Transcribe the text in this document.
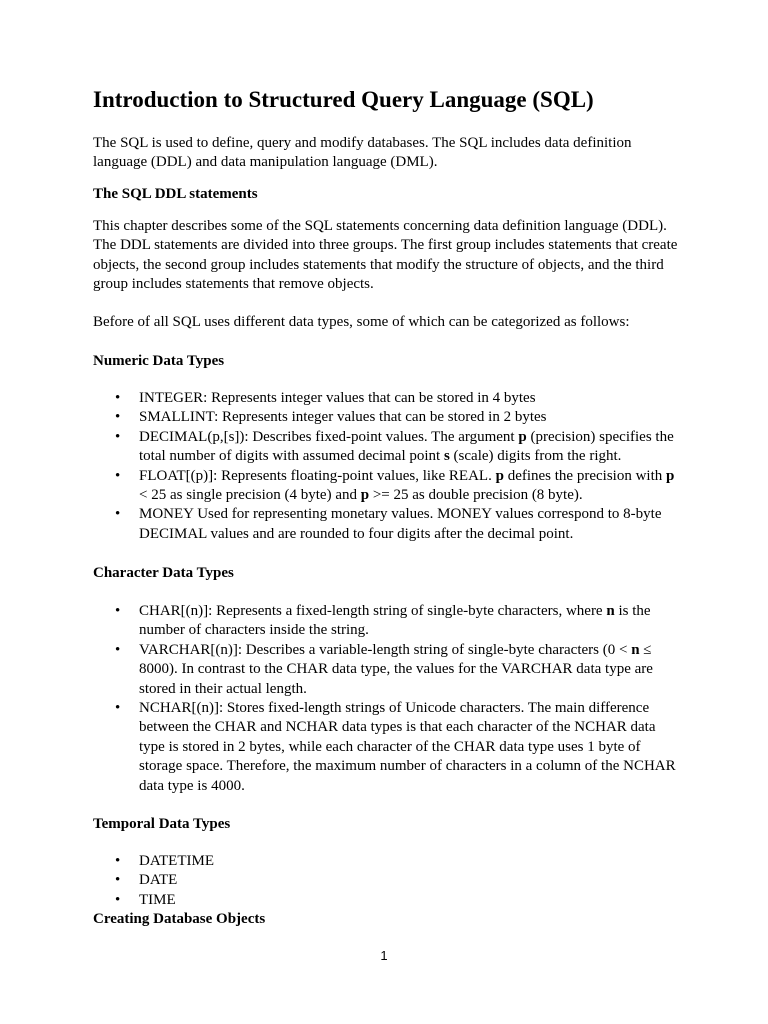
Introduction to Structured Query Language (SQL)

The SQL is used to define, query and modify databases. The SQL includes data definition language (DDL) and data manipulation language (DML).

The SQL DDL statements

This chapter describes some of the SQL statements concerning data definition language (DDL). The DDL statements are divided into three groups. The first group includes statements that create objects, the second group includes statements that modify the structure of objects, and the third group includes statements that remove objects.

Before of all SQL uses different data types, some of which can be categorized as follows:

Numeric Data Types

• INTEGER: Represents integer values that can be stored in 4 bytes
• SMALLINT: Represents integer values that can be stored in 2 bytes
• DECIMAL(p,[s]): Describes fixed-point values. The argument p (precision) specifies the total number of digits with assumed decimal point s (scale) digits from the right.
• FLOAT[(p)]: Represents floating-point values, like REAL. p defines the precision with p < 25 as single precision (4 byte) and p >= 25 as double precision (8 byte).
• MONEY Used for representing monetary values. MONEY values correspond to 8-byte DECIMAL values and are rounded to four digits after the decimal point.

Character Data Types

• CHAR[(n)]: Represents a fixed-length string of single-byte characters, where n is the number of characters inside the string.
• VARCHAR[(n)]: Describes a variable-length string of single-byte characters (0 < n ≤ 8000). In contrast to the CHAR data type, the values for the VARCHAR data type are stored in their actual length.
• NCHAR[(n)]: Stores fixed-length strings of Unicode characters. The main difference between the CHAR and NCHAR data types is that each character of the NCHAR data type is stored in 2 bytes, while each character of the CHAR data type uses 1 byte of storage space. Therefore, the maximum number of characters in a column of the NCHAR data type is 4000.

Temporal Data Types

• DATETIME
• DATE
• TIME

Creating Database Objects

1
